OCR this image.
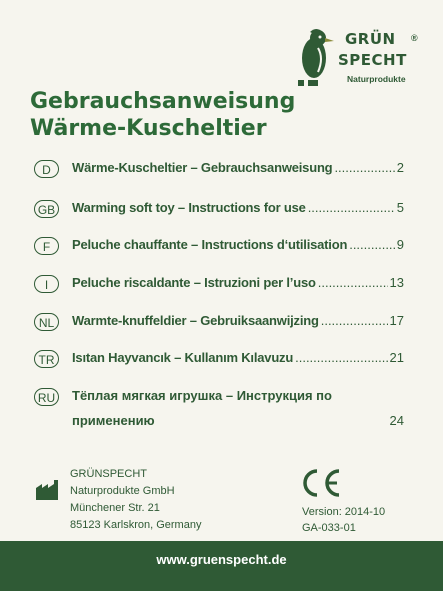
GRÜN
SPECHT
®
Naturprodukte
Gebrauchsanweisung
Wärme-Kuscheltier
D	Wärme-Kuscheltier – Gebrauchsanweisung .....	2
GB Warming soft toy – Instructions for use .....	5
F	Peluche chauffante – Instructions d‘utilisation .....	9
I	Peluche riscaldante – Istruzioni per l’uso .....	13
NL	Warmte-knuffeldier – Gebruiksaanwijzing .....	17
TR	Isıtan Hayvancık – Kullanım Kılavuzu .....	21
RU Тёплая мягкая игрушка – Инструкция по
применению	24
GRÜNSPECHT
Naturprodukte GmbH
Münchener Str. 21
85123 Karlskron, Germany
Version: 2014-10
GA-033-01
www.gruenspecht.de
